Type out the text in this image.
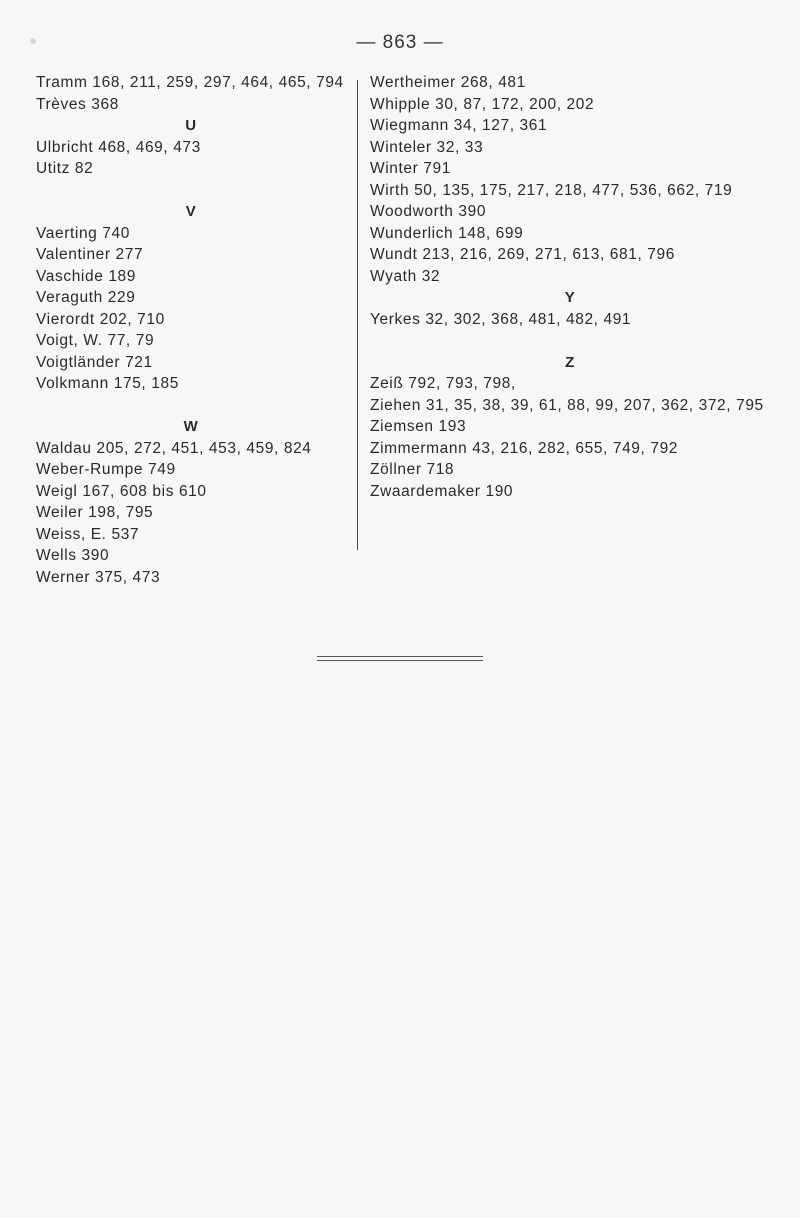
— 863 —
Tramm 168, 211, 259, 297, 464, 465, 794
Trèves 368
U
Ulbricht 468, 469, 473
Utitz 82
V
Vaerting 740
Valentiner 277
Vaschide 189
Veraguth 229
Vierordt 202, 710
Voigt, W. 77, 79
Voigtländer 721
Volkmann 175, 185
W
Waldau 205, 272, 451, 453, 459, 824
Weber-Rumpe 749
Weigl 167, 608 bis 610
Weiler 198, 795
Weiss, E. 537
Wells 390
Werner 375, 473
Wertheimer 268, 481
Whipple 30, 87, 172, 200, 202
Wiegmann 34, 127, 361
Winteler 32, 33
Winter 791
Wirth 50, 135, 175, 217, 218, 477, 536, 662, 719
Woodworth 390
Wunderlich 148, 699
Wundt 213, 216, 269, 271, 613, 681, 796
Wyath 32
Y
Yerkes 32, 302, 368, 481, 482, 491
Z
Zeiß 792, 793, 798,
Ziehen 31, 35, 38, 39, 61, 88, 99, 207, 362, 372, 795
Ziemsen 193
Zimmermann 43, 216, 282, 655, 749, 792
Zöllner 718
Zwaardemaker 190
